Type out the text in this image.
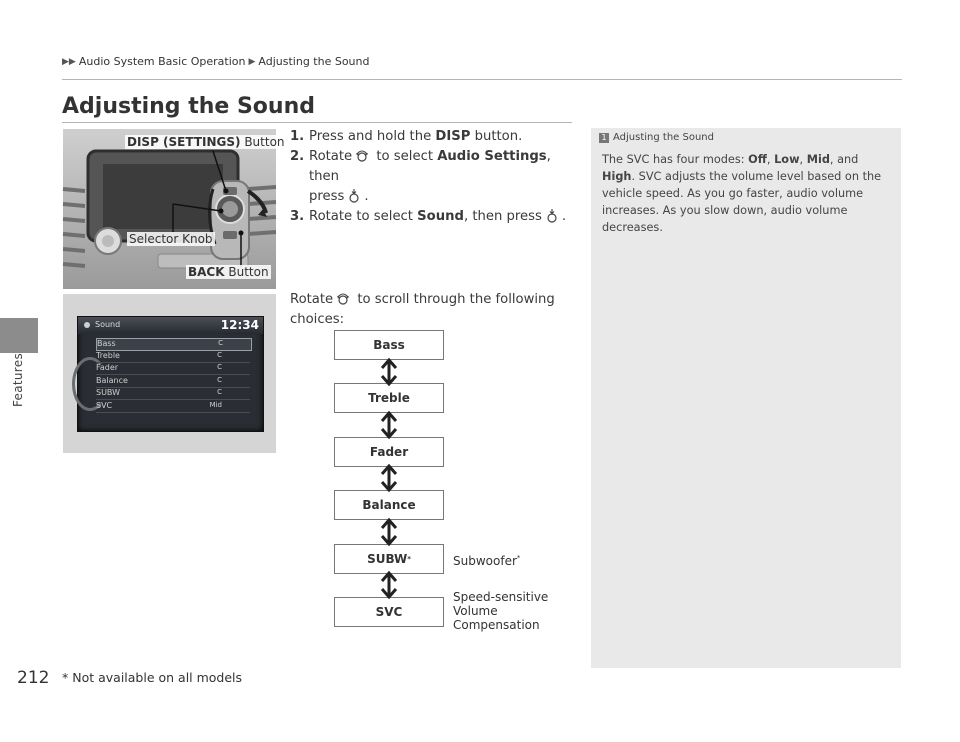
Features
▶▶ Audio System Basic Operation ▶ Adjusting the Sound
Adjusting the Sound
DISP (SETTINGS) Button
Selector Knob
BACK Button
Sound	12:34
Bass	C
Treble	C
Fader	C
Balance	C
SUBW	C
SVC	Mid
1. Press and hold the DISP button.
2. Rotate to select Audio Settings, then
press .
3. Rotate to select Sound, then press .
Rotate to scroll through the following
choices:
Bass
Treble
Fader
Balance
SUBW *
SVC
Subwoofer*
Speed-sensitive
Volume
Compensation
1 Adjusting the Sound
The SVC has four modes: Off, Low, Mid, and High. SVC adjusts the volume level based on the vehicle speed. As you go faster, audio volume increases. As you slow down, audio volume decreases.
212 * Not available on all models
